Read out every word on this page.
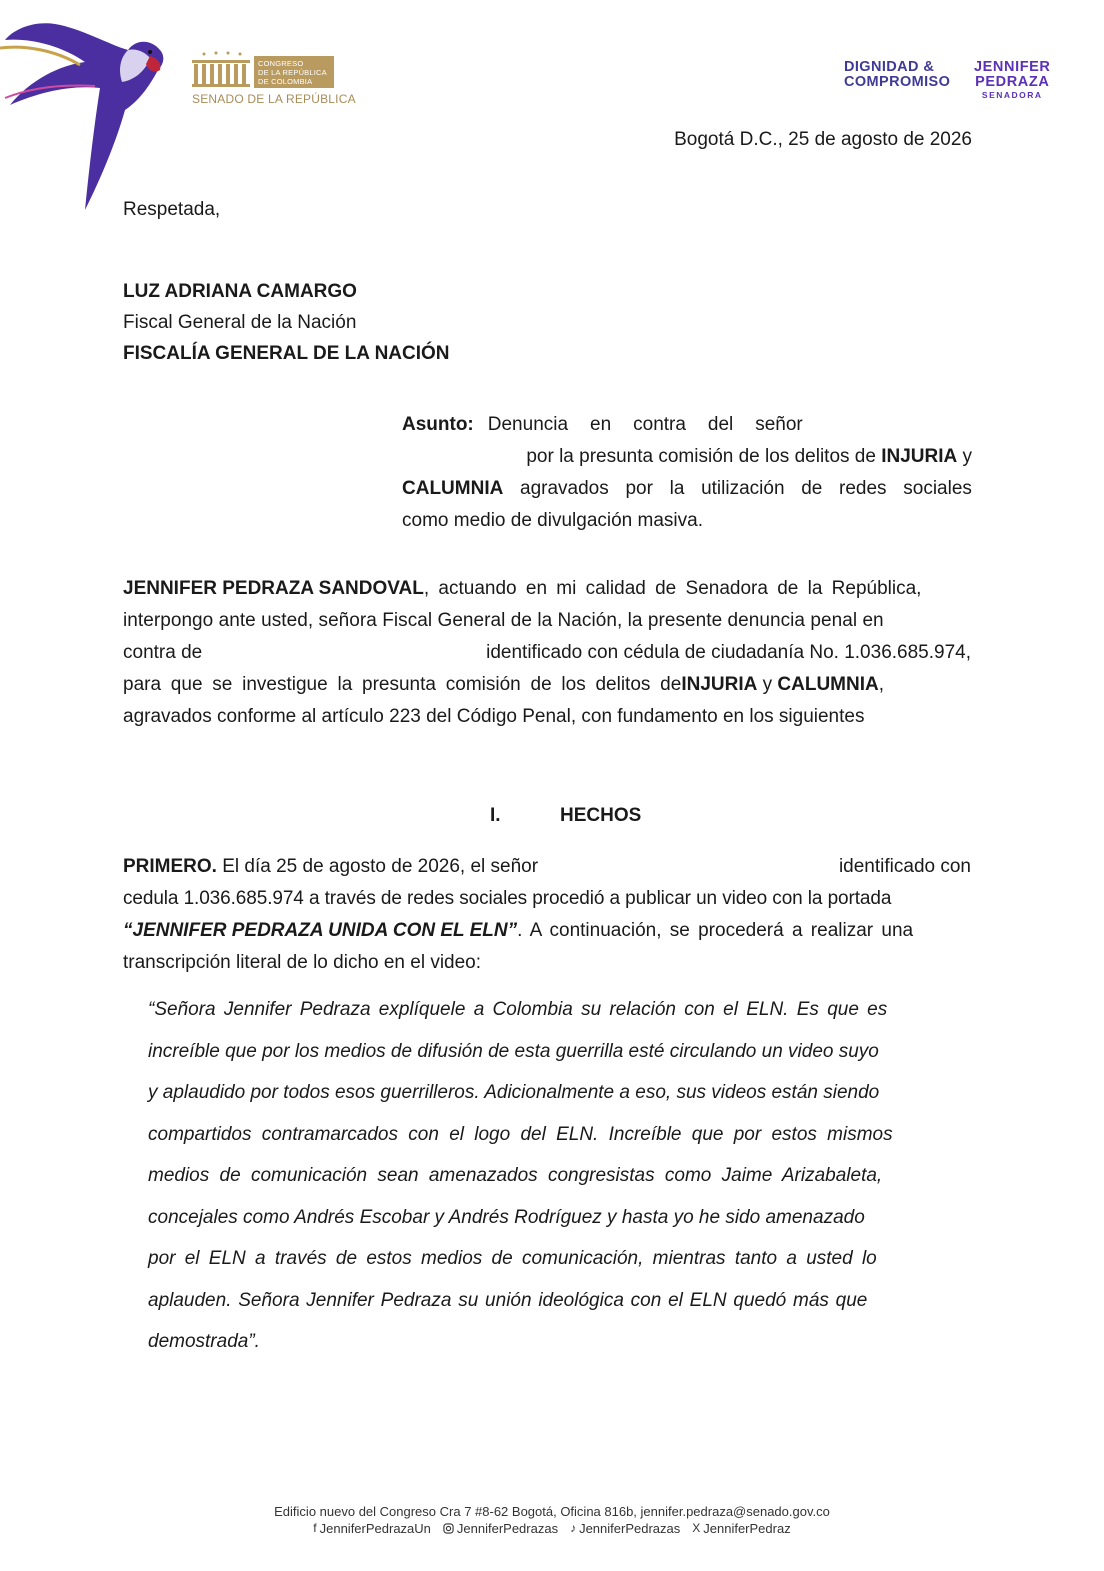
CONGRESO
DE LA REPÚBLICA
DE COLOMBIA
SENADO DE LA REPÚBLICA
DIGNIDAD &
COMPROMISO
JENNIFER
PEDRAZA
SENADORA
Bogotá D.C., 25 de agosto de 2026
Respetada,
LUZ ADRIANA CAMARGO
Fiscal General de la Nación
FISCALÍA GENERAL DE LA NACIÓN
Asunto: Denuncia en contra del señor
por la presunta comisión de los delitos de INJURIA y
CALUMNIA agravados por la utilización de redes sociales
como medio de divulgación masiva.
JENNIFER PEDRAZA SANDOVAL , actuando en mi calidad de Senadora de la República,
interpongo ante usted, señora Fiscal General de la Nación, la presente denuncia penal en
contra de	identificado con cédula de ciudadanía No. 1.036.685.974,
para que se investigue la presunta comisión de los delitos de INJURIA y CALUMNIA ,
agravados conforme al artículo 223 del Código Penal, con fundamento en los siguientes
I.	HECHOS
PRIMERO. El día 25 de agosto de 2026, el señor	identificado con
cedula 1.036.685.974 a través de redes sociales procedió a publicar un video con la portada
“JENNIFER PEDRAZA UNIDA CON EL ELN” . A continuación, se procederá a realizar una
transcripción literal de lo dicho en el video:
“Señora Jennifer Pedraza explíquele a Colombia su relación con el ELN. Es que es
increíble que por los medios de difusión de esta guerrilla esté circulando un video suyo
y aplaudido por todos esos guerrilleros. Adicionalmente a eso, sus videos están siendo
compartidos contramarcados con el logo del ELN. Increíble que por estos mismos
medios de comunicación sean amenazados congresistas como Jaime Arizabaleta,
concejales como Andrés Escobar y Andrés Rodríguez y hasta yo he sido amenazado
por el ELN a través de estos medios de comunicación, mientras tanto a usted lo
aplauden. Señora Jennifer Pedraza su unión ideológica con el ELN quedó más que
demostrada”.
Edificio nuevo del Congreso Cra 7 #8-62 Bogotá, Oficina 816b, jennifer.pedraza@senado.gov.co
f JenniferPedrazaUn JenniferPedrazas ♪ JenniferPedrazas X JenniferPedraz
